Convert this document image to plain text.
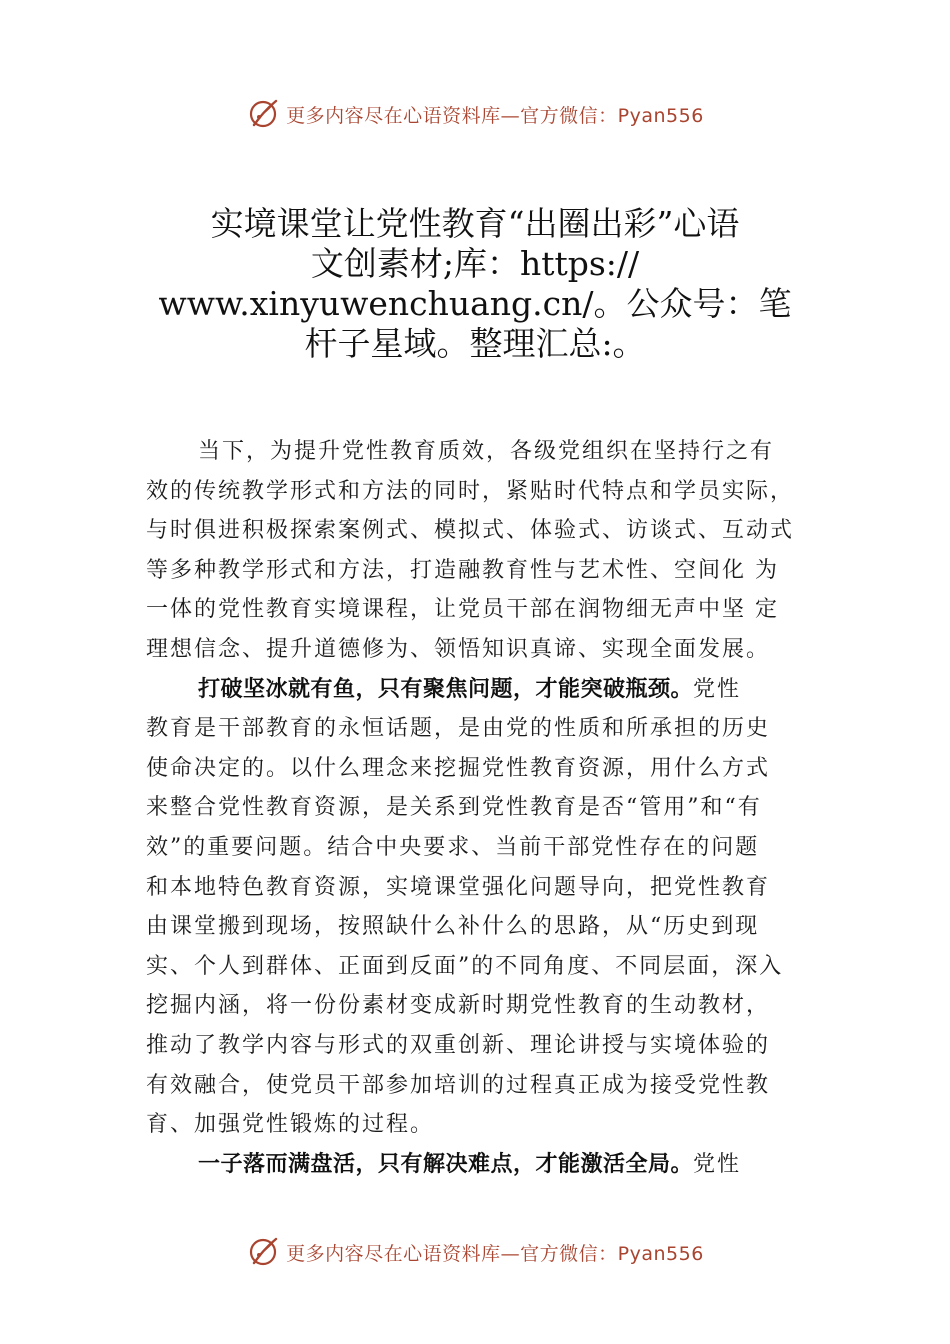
更多内容尽在心语资料库—官方微信：Pyan556
实境课堂让党性教育“出圈出彩”心语
文创素材;库：https://
www.xinyuwenchuang.cn/。公众号：笔
杆子星域。整理汇总:。
当下，为提升党性教育质效，各级党组织在坚持行之有
效的传统教学形式和方法的同时，紧贴时代特点和学员实际，
与时俱进积极探索案例式、模拟式、体验式、访谈式、互动式
等多种教学形式和方法，打造融教育性与艺术性、空间化 为
一体的党性教育实境课程，让党员干部在润物细无声中坚 定
理想信念、提升道德修为、领悟知识真谛、实现全面发展。
打破坚冰就有鱼，只有聚焦问题，才能突破瓶颈。党性
教育是干部教育的永恒话题，是由党的性质和所承担的历史
使命决定的。以什么理念来挖掘党性教育资源，用什么方式
来整合党性教育资源，是关系到党性教育是否“管用”和“有
效”的重要问题。结合中央要求、当前干部党性存在的问题
和本地特色教育资源，实境课堂强化问题导向，把党性教育
由课堂搬到现场，按照缺什么补什么的思路，从“历史到现
实、个人到群体、正面到反面”的不同角度、不同层面，深入
挖掘内涵，将一份份素材变成新时期党性教育的生动教材，
推动了教学内容与形式的双重创新、理论讲授与实境体验的
有效融合，使党员干部参加培训的过程真正成为接受党性教
育、加强党性锻炼的过程。
一子落而满盘活，只有解决难点，才能激活全局。党性
更多内容尽在心语资料库—官方微信：Pyan556
